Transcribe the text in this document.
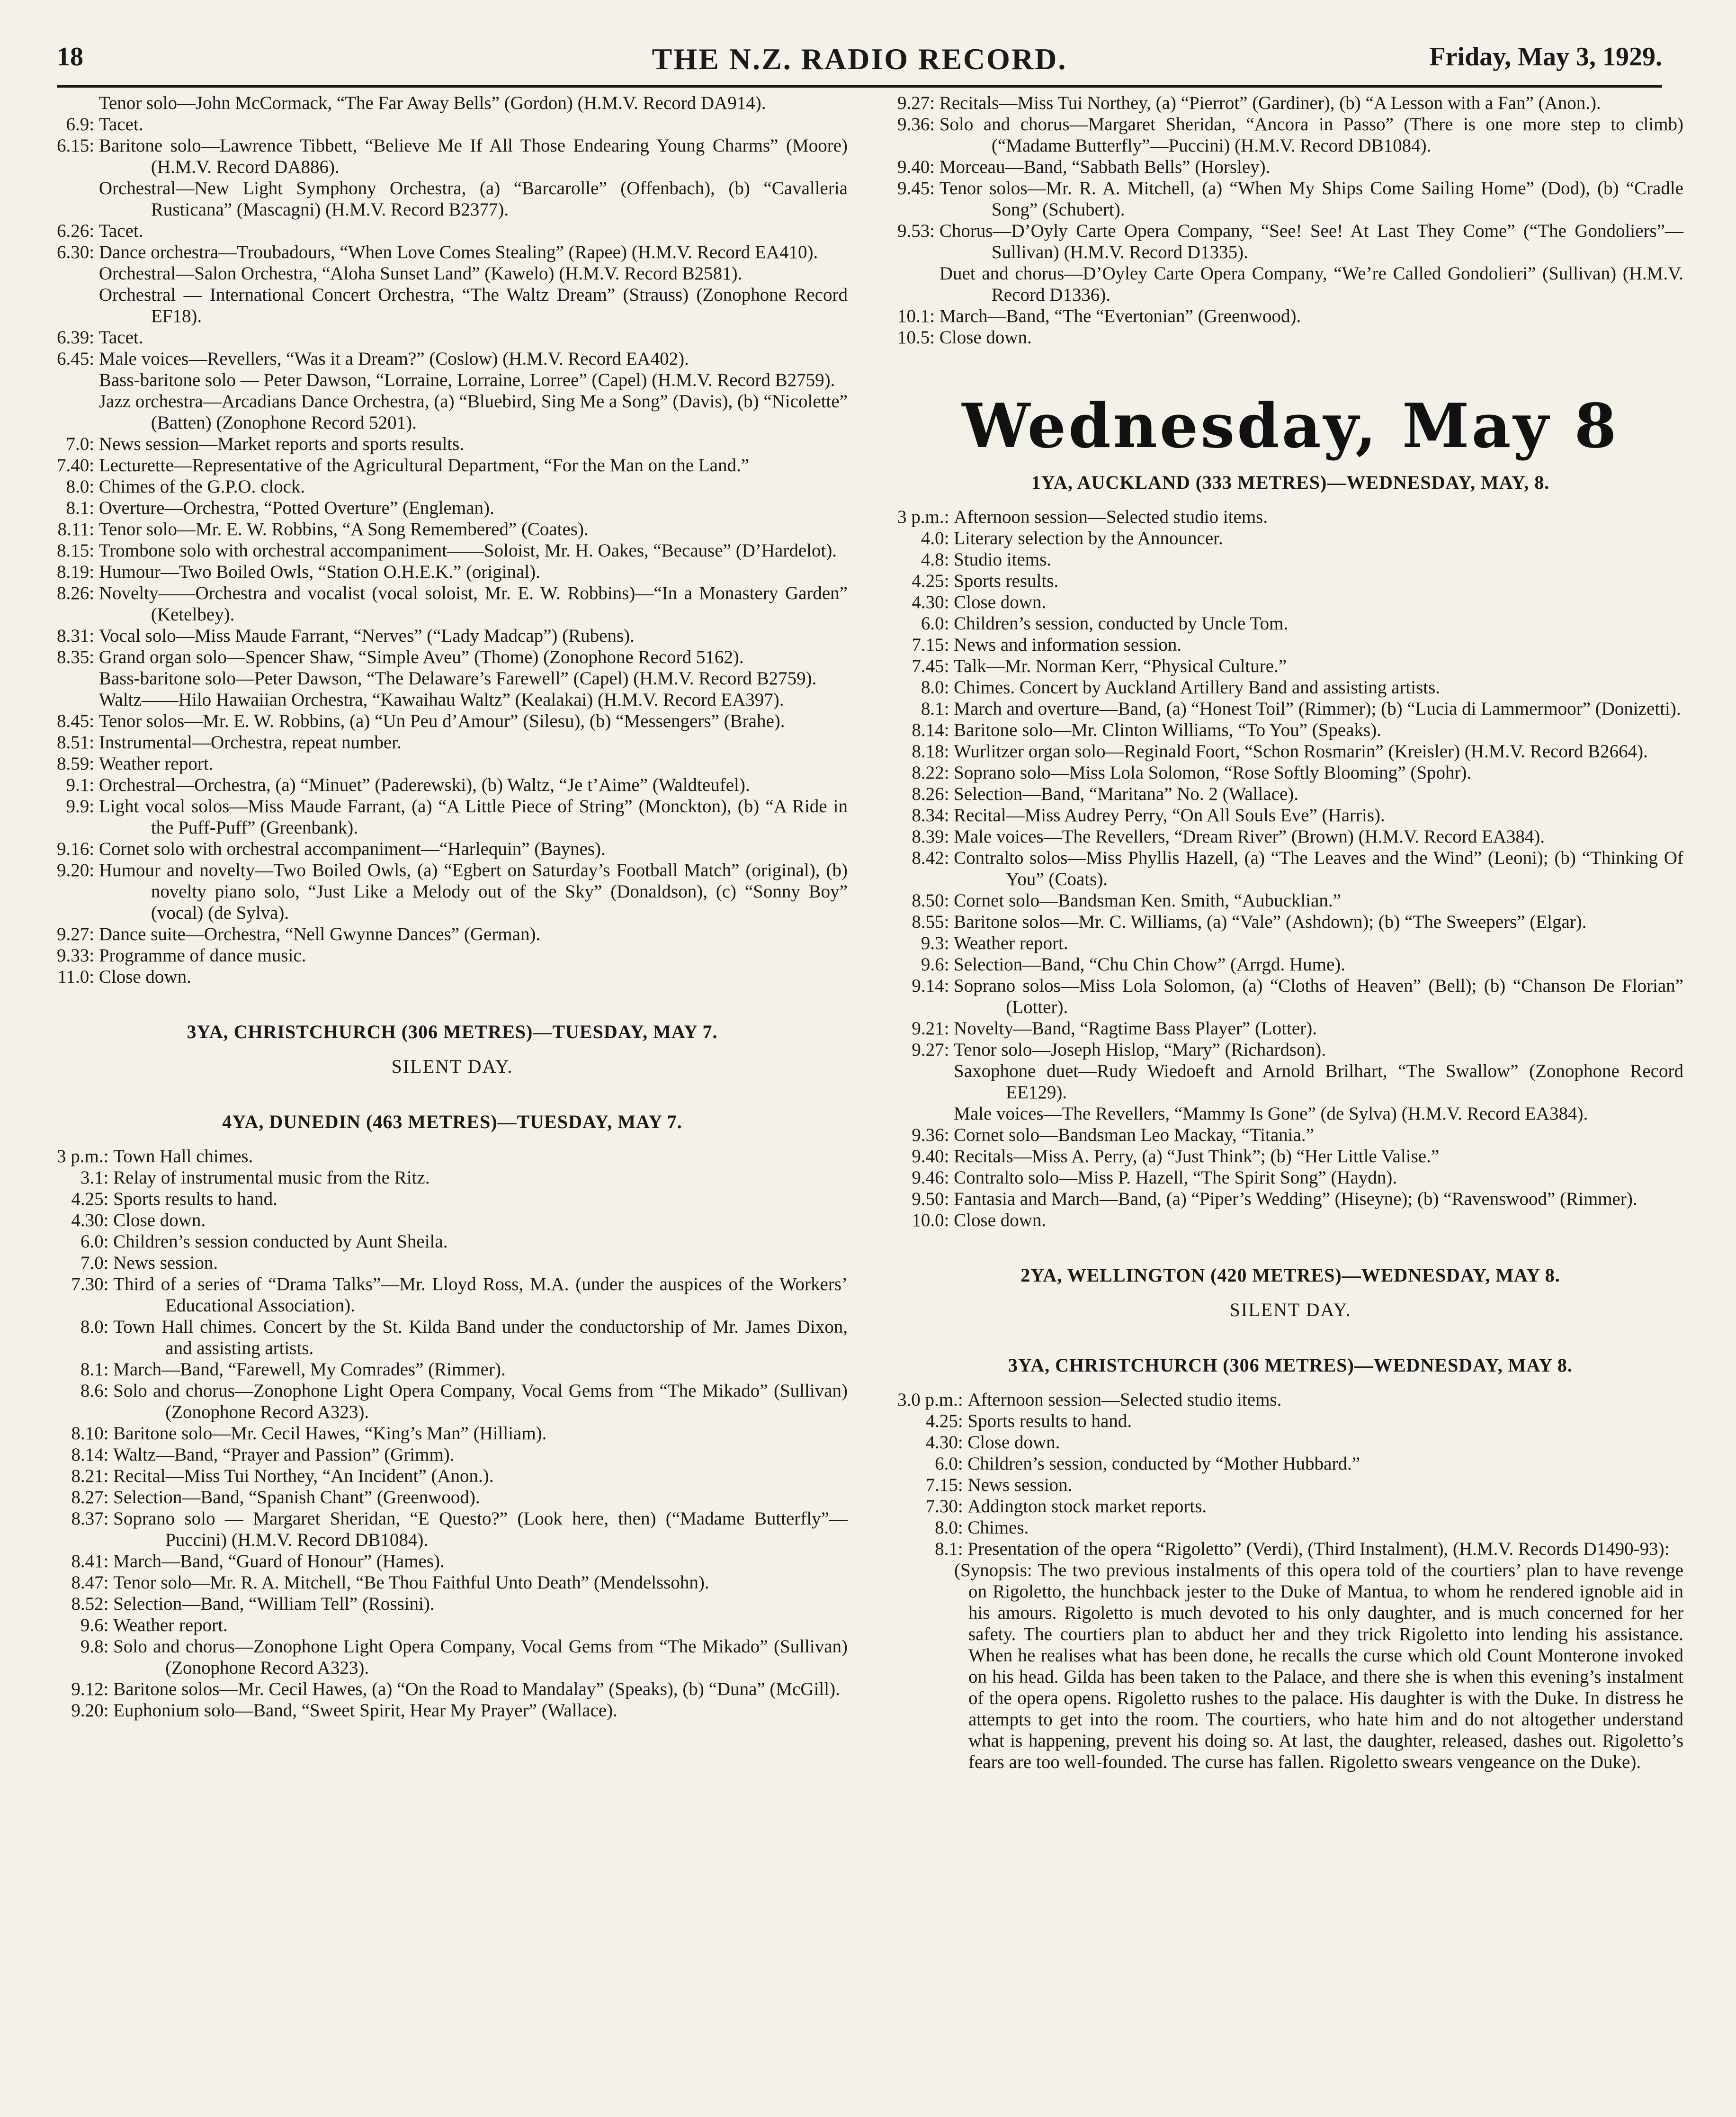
18	THE N.Z. RADIO RECORD.	Friday, May 3, 1929.
Tenor solo—John McCormack, “The Far Away Bells” (Gordon) (H.M.V. Record DA914).
6.9: Tacet.
6.15: Baritone solo—Lawrence Tibbett, “Believe Me If All Those Endearing Young Charms” (Moore) (H.M.V. Record DA886).
Orchestral—New Light Symphony Orchestra, (a) “Barcarolle” (Offenbach), (b) “Cavalleria Rusticana” (Mascagni) (H.M.V. Record B2377).
6.26: Tacet.
6.30: Dance orchestra—Troubadours, “When Love Comes Stealing” (Rapee) (H.M.V. Record EA410).
Orchestral—Salon Orchestra, “Aloha Sunset Land” (Kawelo) (H.M.V. Record B2581).
Orchestral — International Concert Orchestra, “The Waltz Dream” (Strauss) (Zonophone Record EF18).
6.39: Tacet.
6.45: Male voices—Revellers, “Was it a Dream?” (Coslow) (H.M.V. Record EA402).
Bass-baritone solo — Peter Dawson, “Lorraine, Lorraine, Lorree” (Capel) (H.M.V. Record B2759).
Jazz orchestra—Arcadians Dance Orchestra, (a) “Bluebird, Sing Me a Song” (Davis), (b) “Nicolette” (Batten) (Zonophone Record 5201).
7.0: News session—Market reports and sports results.
7.40: Lecturette—Representative of the Agricultural Department, “For the Man on the Land.”
8.0: Chimes of the G.P.O. clock.
8.1: Overture—Orchestra, “Potted Overture” (Engleman).
8.11: Tenor solo—Mr. E. W. Robbins, “A Song Remembered” (Coates).
8.15: Trombone solo with orchestral accompaniment——Soloist, Mr. H. Oakes, “Because” (D’Hardelot).
8.19: Humour—Two Boiled Owls, “Station O.H.E.K.” (original).
8.26: Novelty——Orchestra and vocalist (vocal soloist, Mr. E. W. Robbins)—“In a Monastery Garden” (Ketelbey).
8.31: Vocal solo—Miss Maude Farrant, “Nerves” (“Lady Madcap”) (Rubens).
8.35: Grand organ solo—Spencer Shaw, “Simple Aveu” (Thome) (Zonophone Record 5162).
Bass-baritone solo—Peter Dawson, “The Delaware’s Farewell” (Capel) (H.M.V. Record B2759).
Waltz——Hilo Hawaiian Orchestra, “Kawaihau Waltz” (Kealakai) (H.M.V. Record EA397).
8.45: Tenor solos—Mr. E. W. Robbins, (a) “Un Peu d’Amour” (Silesu), (b) “Messengers” (Brahe).
8.51: Instrumental—Orchestra, repeat number.
8.59: Weather report.
9.1: Orchestral—Orchestra, (a) “Minuet” (Paderewski), (b) Waltz, “Je t’Aime” (Waldteufel).
9.9: Light vocal solos—Miss Maude Farrant, (a) “A Little Piece of String” (Monckton), (b) “A Ride in the Puff-Puff” (Greenbank).
9.16: Cornet solo with orchestral accompaniment—“Harlequin” (Baynes).
9.20: Humour and novelty—Two Boiled Owls, (a) “Egbert on Saturday’s Football Match” (original), (b) novelty piano solo, “Just Like a Melody out of the Sky” (Donaldson), (c) “Sonny Boy” (vocal) (de Sylva).
9.27: Dance suite—Orchestra, “Nell Gwynne Dances” (German).
9.33: Programme of dance music.
11.0: Close down.
3YA, CHRISTCHURCH (306 METRES)—TUESDAY, MAY 7.
SILENT DAY.
4YA, DUNEDIN (463 METRES)—TUESDAY, MAY 7.
3 p.m.: Town Hall chimes.
3.1: Relay of instrumental music from the Ritz.
4.25: Sports results to hand.
4.30: Close down.
6.0: Children’s session conducted by Aunt Sheila.
7.0: News session.
7.30: Third of a series of “Drama Talks”—Mr. Lloyd Ross, M.A. (under the auspices of the Workers’ Educational Association).
8.0: Town Hall chimes. Concert by the St. Kilda Band under the conductorship of Mr. James Dixon, and assisting artists.
8.1: March—Band, “Farewell, My Comrades” (Rimmer).
8.6: Solo and chorus—Zonophone Light Opera Company, Vocal Gems from “The Mikado” (Sullivan) (Zonophone Record A323).
8.10: Baritone solo—Mr. Cecil Hawes, “King’s Man” (Hilliam).
8.14: Waltz—Band, “Prayer and Passion” (Grimm).
8.21: Recital—Miss Tui Northey, “An Incident” (Anon.).
8.27: Selection—Band, “Spanish Chant” (Greenwood).
8.37: Soprano solo — Margaret Sheridan, “E Questo?” (Look here, then) (“Madame Butterfly”—Puccini) (H.M.V. Record DB1084).
8.41: March—Band, “Guard of Honour” (Hames).
8.47: Tenor solo—Mr. R. A. Mitchell, “Be Thou Faithful Unto Death” (Mendelssohn).
8.52: Selection—Band, “William Tell” (Rossini).
9.6: Weather report.
9.8: Solo and chorus—Zonophone Light Opera Company, Vocal Gems from “The Mikado” (Sullivan) (Zonophone Record A323).
9.12: Baritone solos—Mr. Cecil Hawes, (a) “On the Road to Mandalay” (Speaks), (b) “Duna” (McGill).
9.20: Euphonium solo—Band, “Sweet Spirit, Hear My Prayer” (Wallace).
9.27: Recitals—Miss Tui Northey, (a) “Pierrot” (Gardiner), (b) “A Lesson with a Fan” (Anon.).
9.36: Solo and chorus—Margaret Sheridan, “Ancora in Passo” (There is one more step to climb) (“Madame Butterfly”—Puccini) (H.M.V. Record DB1084).
9.40: Morceau—Band, “Sabbath Bells” (Horsley).
9.45: Tenor solos—Mr. R. A. Mitchell, (a) “When My Ships Come Sailing Home” (Dod), (b) “Cradle Song” (Schubert).
9.53: Chorus—D’Oyly Carte Opera Company, “See! See! At Last They Come” (“The Gondoliers”—Sullivan) (H.M.V. Record D1335).
Duet and chorus—D’Oyley Carte Opera Company, “We’re Called Gondolieri” (Sullivan) (H.M.V. Record D1336).
10.1: March—Band, “The “Evertonian” (Greenwood).
10.5: Close down.
Wednesday, May 8
1YA, AUCKLAND (333 METRES)—WEDNESDAY, MAY, 8.
3 p.m.: Afternoon session—Selected studio items.
4.0: Literary selection by the Announcer.
4.8: Studio items.
4.25: Sports results.
4.30: Close down.
6.0: Children’s session, conducted by Uncle Tom.
7.15: News and information session.
7.45: Talk—Mr. Norman Kerr, “Physical Culture.”
8.0: Chimes. Concert by Auckland Artillery Band and assisting artists.
8.1: March and overture—Band, (a) “Honest Toil” (Rimmer); (b) “Lucia di Lammermoor” (Donizetti).
8.14: Baritone solo—Mr. Clinton Williams, “To You” (Speaks).
8.18: Wurlitzer organ solo—Reginald Foort, “Schon Rosmarin” (Kreisler) (H.M.V. Record B2664).
8.22: Soprano solo—Miss Lola Solomon, “Rose Softly Blooming” (Spohr).
8.26: Selection—Band, “Maritana” No. 2 (Wallace).
8.34: Recital—Miss Audrey Perry, “On All Souls Eve” (Harris).
8.39: Male voices—The Revellers, “Dream River” (Brown) (H.M.V. Record EA384).
8.42: Contralto solos—Miss Phyllis Hazell, (a) “The Leaves and the Wind” (Leoni); (b) “Thinking Of You” (Coats).
8.50: Cornet solo—Bandsman Ken. Smith, “Aubucklian.”
8.55: Baritone solos—Mr. C. Williams, (a) “Vale” (Ashdown); (b) “The Sweepers” (Elgar).
9.3: Weather report.
9.6: Selection—Band, “Chu Chin Chow” (Arrgd. Hume).
9.14: Soprano solos—Miss Lola Solomon, (a) “Cloths of Heaven” (Bell); (b) “Chanson De Florian” (Lotter).
9.21: Novelty—Band, “Ragtime Bass Player” (Lotter).
9.27: Tenor solo—Joseph Hislop, “Mary” (Richardson).
Saxophone duet—Rudy Wiedoeft and Arnold Brilhart, “The Swallow” (Zonophone Record EE129).
Male voices—The Revellers, “Mammy Is Gone” (de Sylva) (H.M.V. Record EA384).
9.36: Cornet solo—Bandsman Leo Mackay, “Titania.”
9.40: Recitals—Miss A. Perry, (a) “Just Think”; (b) “Her Little Valise.”
9.46: Contralto solo—Miss P. Hazell, “The Spirit Song” (Haydn).
9.50: Fantasia and March—Band, (a) “Piper’s Wedding” (Hiseyne); (b) “Ravenswood” (Rimmer).
10.0: Close down.
2YA, WELLINGTON (420 METRES)—WEDNESDAY, MAY 8.
SILENT DAY.
3YA, CHRISTCHURCH (306 METRES)—WEDNESDAY, MAY 8.
3.0 p.m.: Afternoon session—Selected studio items.
4.25: Sports results to hand.
4.30: Close down.
6.0: Children’s session, conducted by “Mother Hubbard.”
7.15: News session.
7.30: Addington stock market reports.
8.0: Chimes.
8.1: Presentation of the opera “Rigoletto” (Verdi), (Third Instalment), (H.M.V. Records D1490-93):
(Synopsis: The two previous instalments of this opera told of the courtiers’ plan to have revenge on Rigoletto, the hunchback jester to the Duke of Mantua, to whom he rendered ignoble aid in his amours. Rigoletto is much devoted to his only daughter, and is much concerned for her safety. The courtiers plan to abduct her and they trick Rigoletto into lending his assistance. When he realises what has been done, he recalls the curse which old Count Monterone invoked on his head. Gilda has been taken to the Palace, and there she is when this evening’s instalment of the opera opens. Rigoletto rushes to the palace. His daughter is with the Duke. In distress he attempts to get into the room. The courtiers, who hate him and do not altogether understand what is happening, prevent his doing so. At last, the daughter, released, dashes out. Rigoletto’s fears are too well-founded. The curse has fallen. Rigoletto swears vengeance on the Duke).
